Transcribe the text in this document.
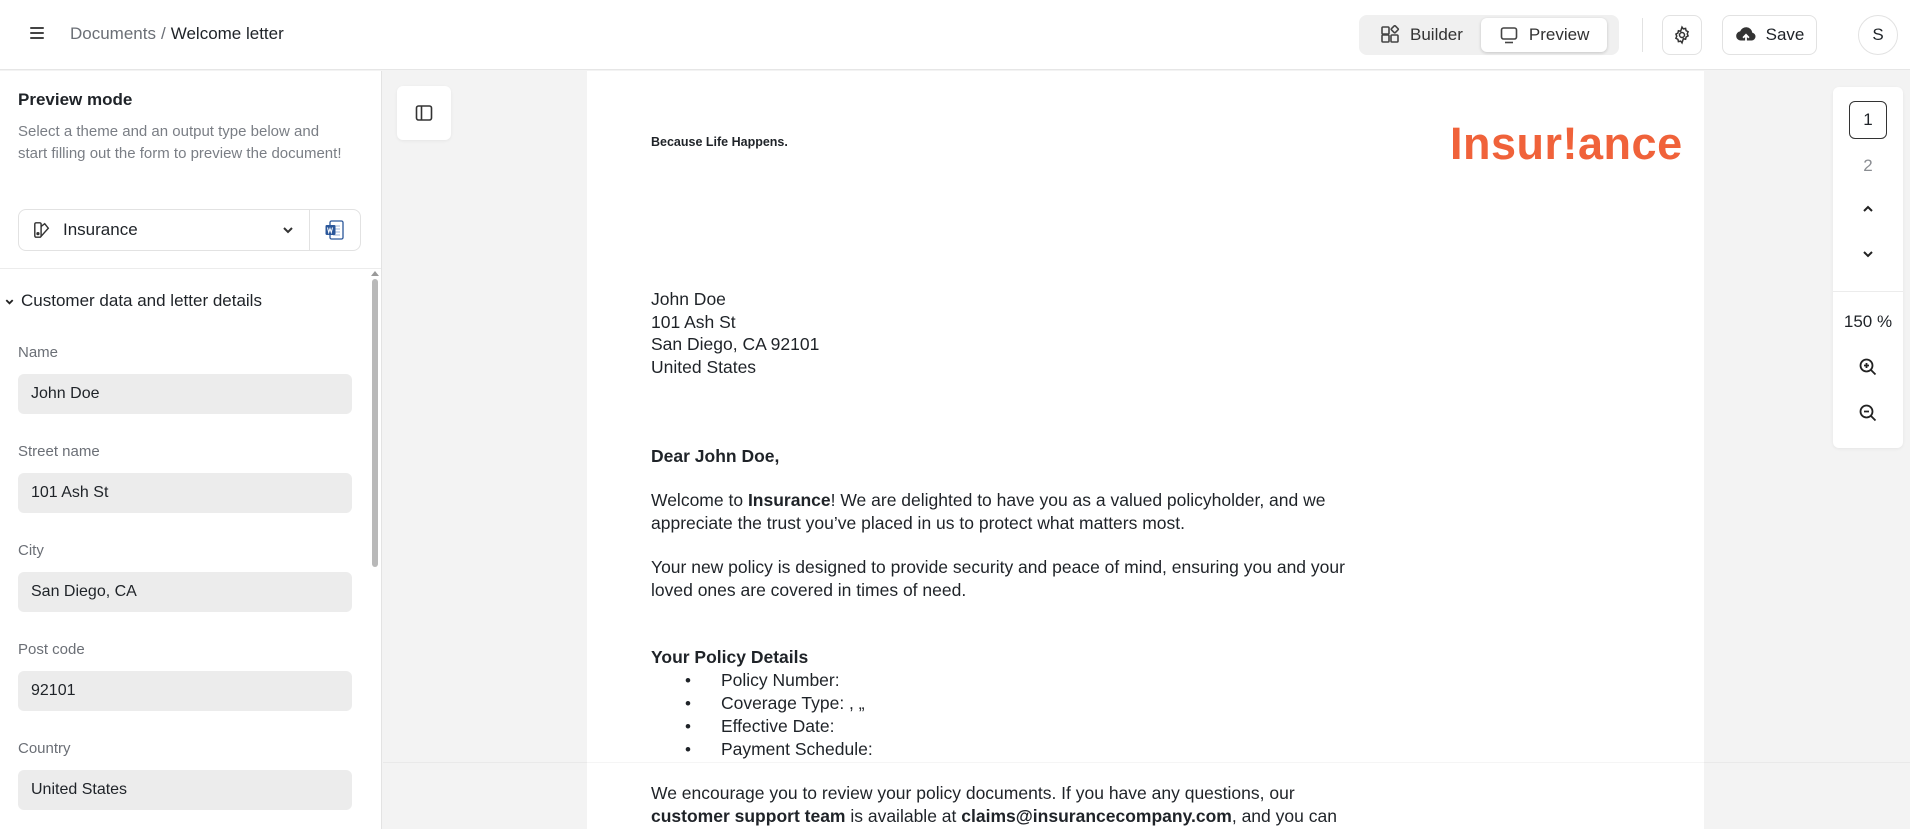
Documents / Welcome letter	Builder	Preview	Save	S
Preview mode
Select a theme and an output type below and start filling out the form to preview the document!
Insurance
Customer data and letter details
Name
John Doe
Street name
101 Ash St
City
San Diego, CA
Post code
92101
Country
United States
Because Life Happens.	Insur!ance

John Doe

101 Ash St

San Diego, CA 92101

United States

Dear John Doe,

Welcome to Insurance! We are delighted to have you as a valued policyholder, and we appreciate the trust you’ve placed in us to protect what matters most.

Your new policy is designed to provide security and peace of mind, ensuring you and your loved ones are covered in times of need.

Your Policy Details

• Policy Number:
• Coverage Type: , „
• Effective Date:
• Payment Schedule:

We encourage you to review your policy documents. If you have any questions, our customer support team is available at claims@insurancecompany.com, and you can

1
2
150 %
